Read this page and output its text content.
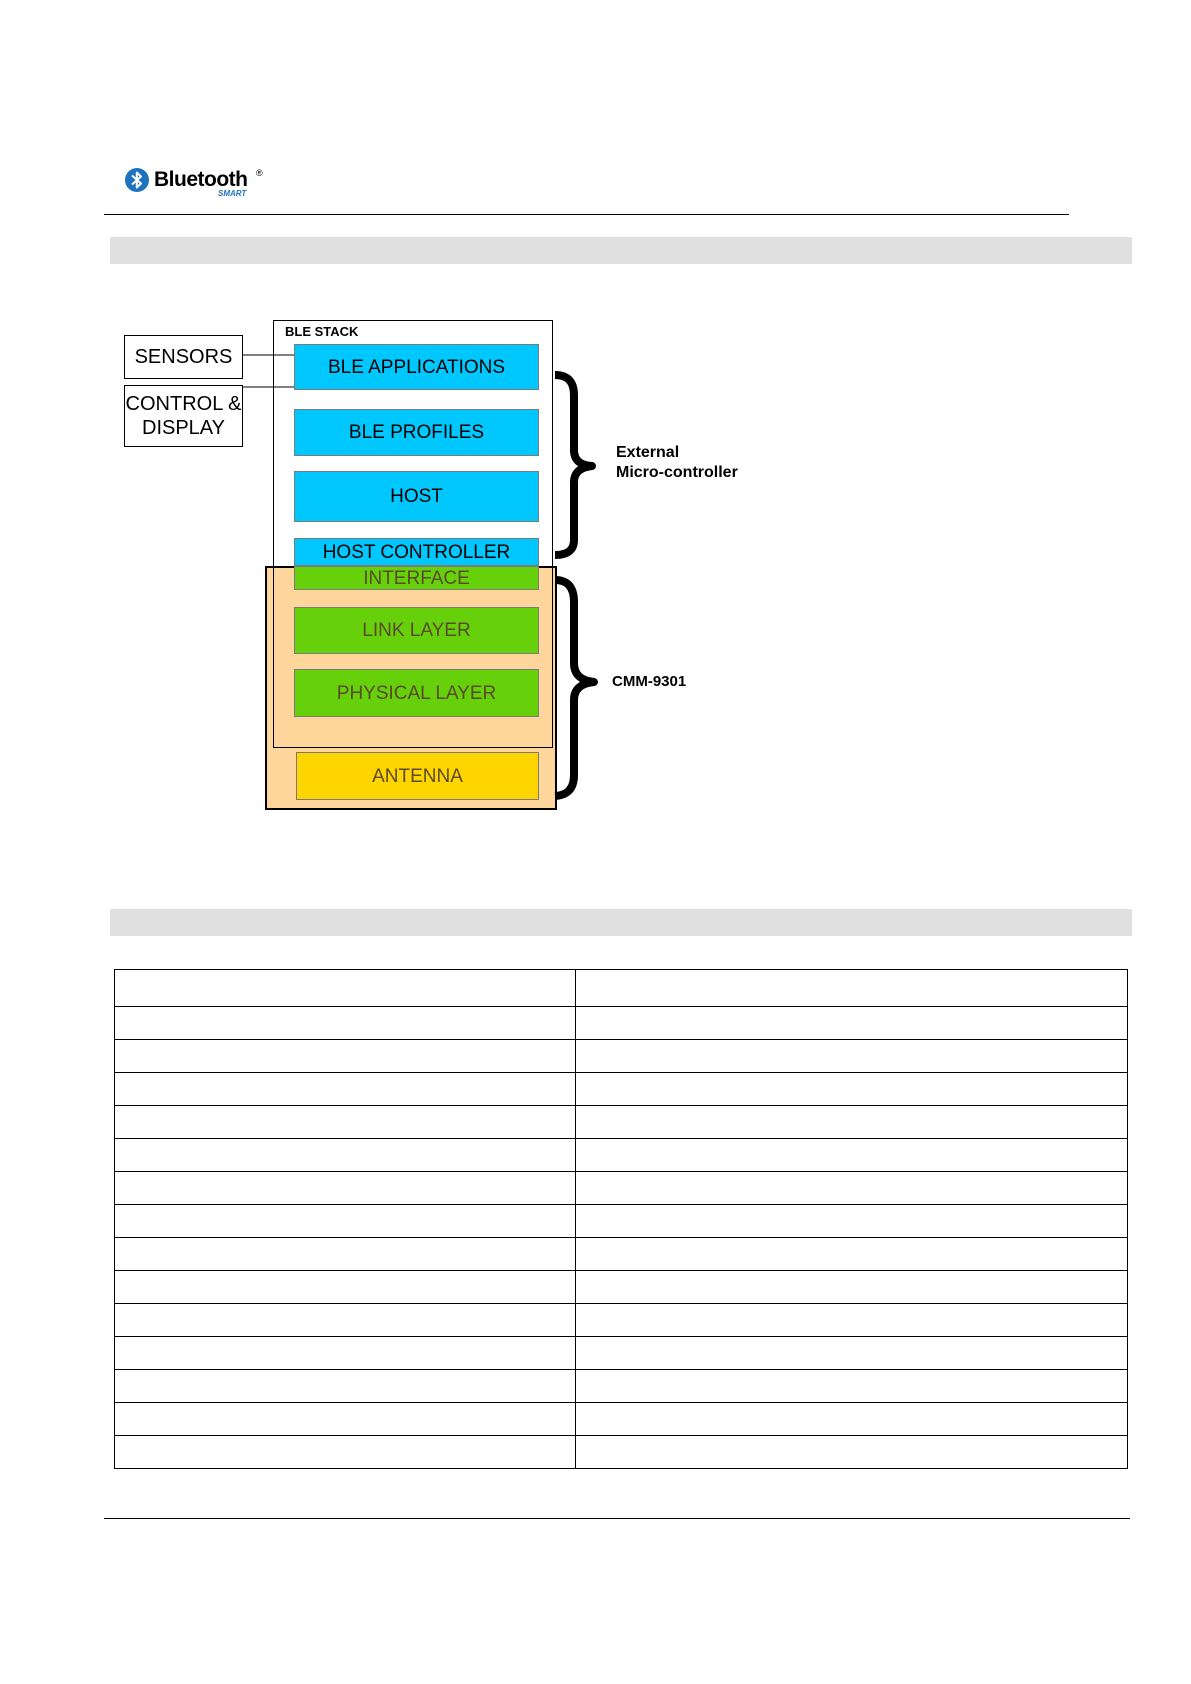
Bluetooth ®
SMART
BLE STACK
SENSORS
CONTROL &
DISPLAY
BLE APPLICATIONS
BLE PROFILES
HOST
HOST CONTROLLER
INTERFACE
LINK LAYER
PHYSICAL LAYER
ANTENNA
External
Micro-controller
CMM-9301
